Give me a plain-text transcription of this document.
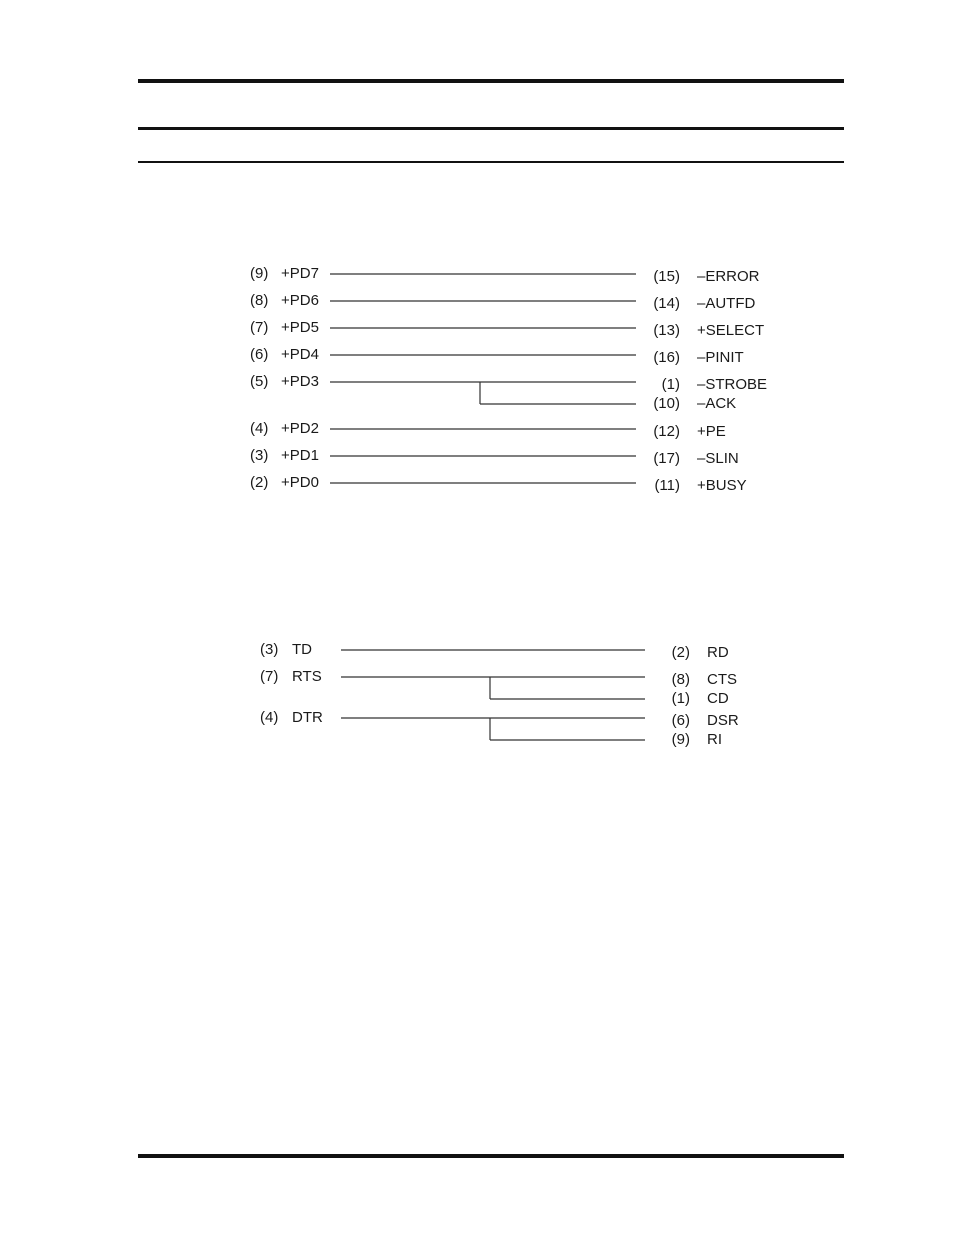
(9) +PD7	(15) –ERROR
(8) +PD6	(14) –AUTFD
(7) +PD5	(13) +SELECT
(6) +PD4	(16) –PINIT
(5) +PD3	(1) –STROBE
(10) –ACK
(4) +PD2	(12) +PE
(3) +PD1	(17) –SLIN
(2) +PD0	(11) +BUSY
(3) TD	(2) RD
(7) RTS	(8) CTS
(1) CD
(4) DTR	(6) DSR
(9) RI
